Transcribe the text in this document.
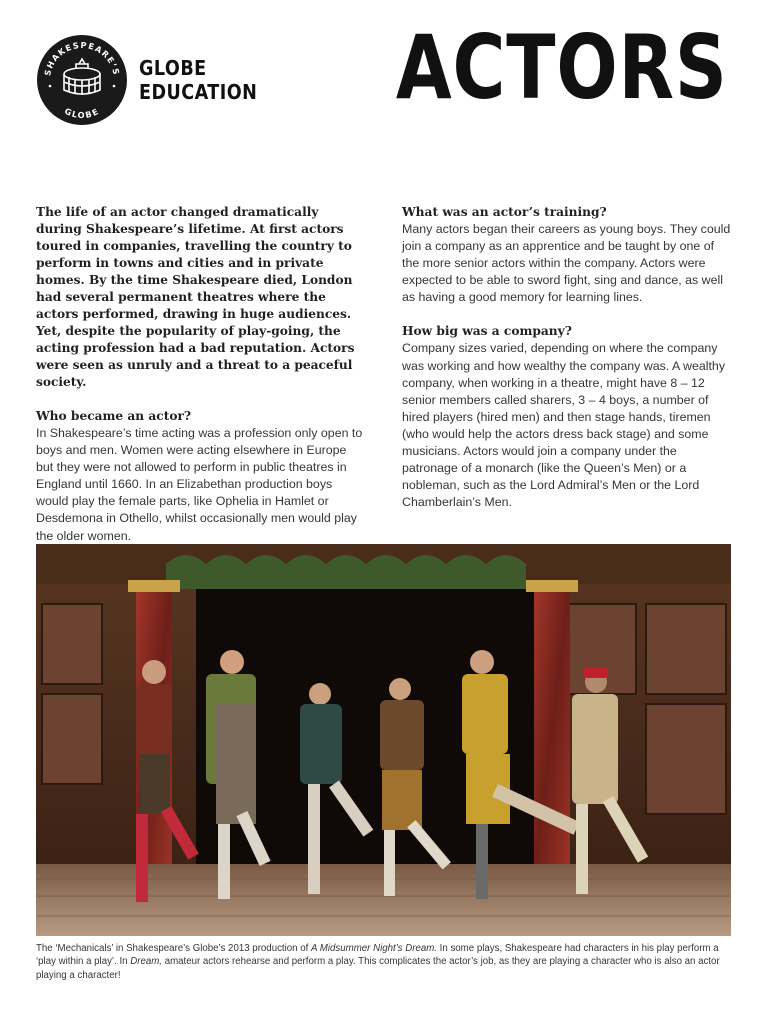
SHAKESPEARE’S
GLOBE
GLOBE
EDUCATION ACTORS

The life of an actor changed dramatically during Shakespeare’s lifetime. At first actors toured in companies, travelling the country to perform in towns and cities and in private homes. By the time Shakespeare died, London had several permanent theatres where the actors performed, drawing in huge audiences. Yet, despite the popularity of play-going, the acting profession had a bad reputation. Actors were seen as unruly and a threat to a peaceful society.

Who became an actor?

In Shakespeare’s time acting was a profession only open to boys and men. Women were acting elsewhere in Europe but they were not allowed to perform in public theatres in England until 1660. In an Elizabethan production boys would play the female parts, like Ophelia in Hamlet or Desdemona in Othello, whilst occasionally men would play the older women.

What was an actor’s training?

Many actors began their careers as young boys. They could join a company as an apprentice and be taught by one of the more senior actors within the company. Actors were expected to be able to sword fight, sing and dance, as well as having a good memory for learning lines.

How big was a company?

Company sizes varied, depending on where the company was working and how wealthy the company was. A wealthy company, when working in a theatre, might have 8 – 12 senior members called sharers, 3 – 4 boys, a number of hired players (hired men) and then stage hands, tiremen (who would help the actors dress back stage) and some musicians. Actors would join a company under the patronage of a monarch (like the Queen’s Men) or a nobleman, such as the Lord Admiral’s Men or the Lord Chamberlain’s Men.

The ‘Mechanicals’ in Shakespeare’s Globe’s 2013 production of A Midsummer Night’s Dream. In some plays, Shakespeare had characters in his play perform a ‘play within a play’. In Dream, amateur actors rehearse and perform a play. This complicates the actor’s job, as they are playing a character who is also an actor playing a character!
